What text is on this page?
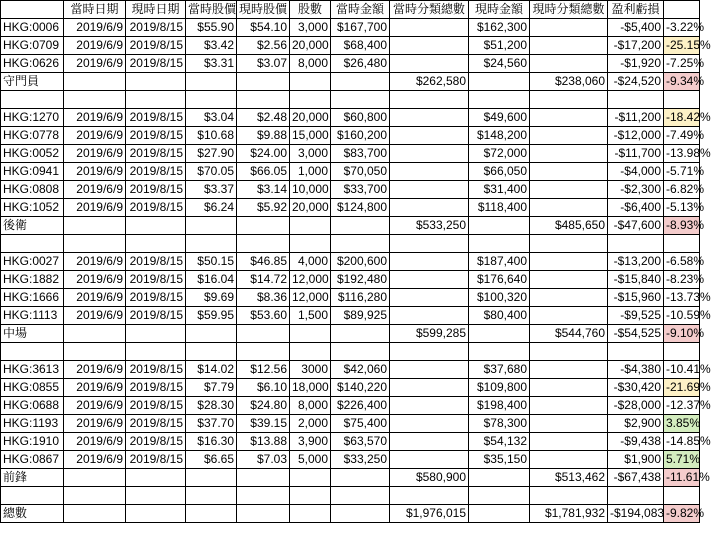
	當時日期	現時日期	當時股價	現時股價	股數	當時金額	當時分類總數	現時金額	現時分類總數	盈利虧損	
HKG:0006	2019/6/9	2019/8/15	$55.90	$54.10	3,000	$167,700		$162,300		-$5,400	-3.22%
HKG:0709	2019/6/9	2019/8/15	$3.42	$2.56	20,000	$68,400		$51,200		-$17,200	-25.15%
HKG:0626	2019/6/9	2019/8/15	$3.31	$3.07	8,000	$26,480		$24,560		-$1,920	-7.25%
守門員							$262,580		$238,060	-$24,520	-9.34%

HKG:1270	2019/6/9	2019/8/15	$3.04	$2.48	20,000	$60,800		$49,600		-$11,200	-18.42%
HKG:0778	2019/6/9	2019/8/15	$10.68	$9.88	15,000	$160,200		$148,200		-$12,000	-7.49%
HKG:0052	2019/6/9	2019/8/15	$27.90	$24.00	3,000	$83,700		$72,000		-$11,700	-13.98%
HKG:0941	2019/6/9	2019/8/15	$70.05	$66.05	1,000	$70,050		$66,050		-$4,000	-5.71%
HKG:0808	2019/6/9	2019/8/15	$3.37	$3.14	10,000	$33,700		$31,400		-$2,300	-6.82%
HKG:1052	2019/6/9	2019/8/15	$6.24	$5.92	20,000	$124,800		$118,400		-$6,400	-5.13%
後衛							$533,250		$485,650	-$47,600	-8.93%

HKG:0027	2019/6/9	2019/8/15	$50.15	$46.85	4,000	$200,600		$187,400		-$13,200	-6.58%
HKG:1882	2019/6/9	2019/8/15	$16.04	$14.72	12,000	$192,480		$176,640		-$15,840	-8.23%
HKG:1666	2019/6/9	2019/8/15	$9.69	$8.36	12,000	$116,280		$100,320		-$15,960	-13.73%
HKG:1113	2019/6/9	2019/8/15	$59.95	$53.60	1,500	$89,925		$80,400		-$9,525	-10.59%
中場							$599,285		$544,760	-$54,525	-9.10%

HKG:3613	2019/6/9	2019/8/15	$14.02	$12.56	3000	$42,060		$37,680		-$4,380	-10.41%
HKG:0855	2019/6/9	2019/8/15	$7.79	$6.10	18,000	$140,220		$109,800		-$30,420	-21.69%
HKG:0688	2019/6/9	2019/8/15	$28.30	$24.80	8,000	$226,400		$198,400		-$28,000	-12.37%
HKG:1193	2019/6/9	2019/8/15	$37.70	$39.15	2,000	$75,400		$78,300		$2,900	3.85%
HKG:1910	2019/6/9	2019/8/15	$16.30	$13.88	3,900	$63,570		$54,132		-$9,438	-14.85%
HKG:0867	2019/6/9	2019/8/15	$6.65	$7.03	5,000	$33,250		$35,150		$1,900	5.71%
前鋒							$580,900		$513,462	-$67,438	-11.61%

總數							$1,976,015		$1,781,932	-$194,083	-9.82%
